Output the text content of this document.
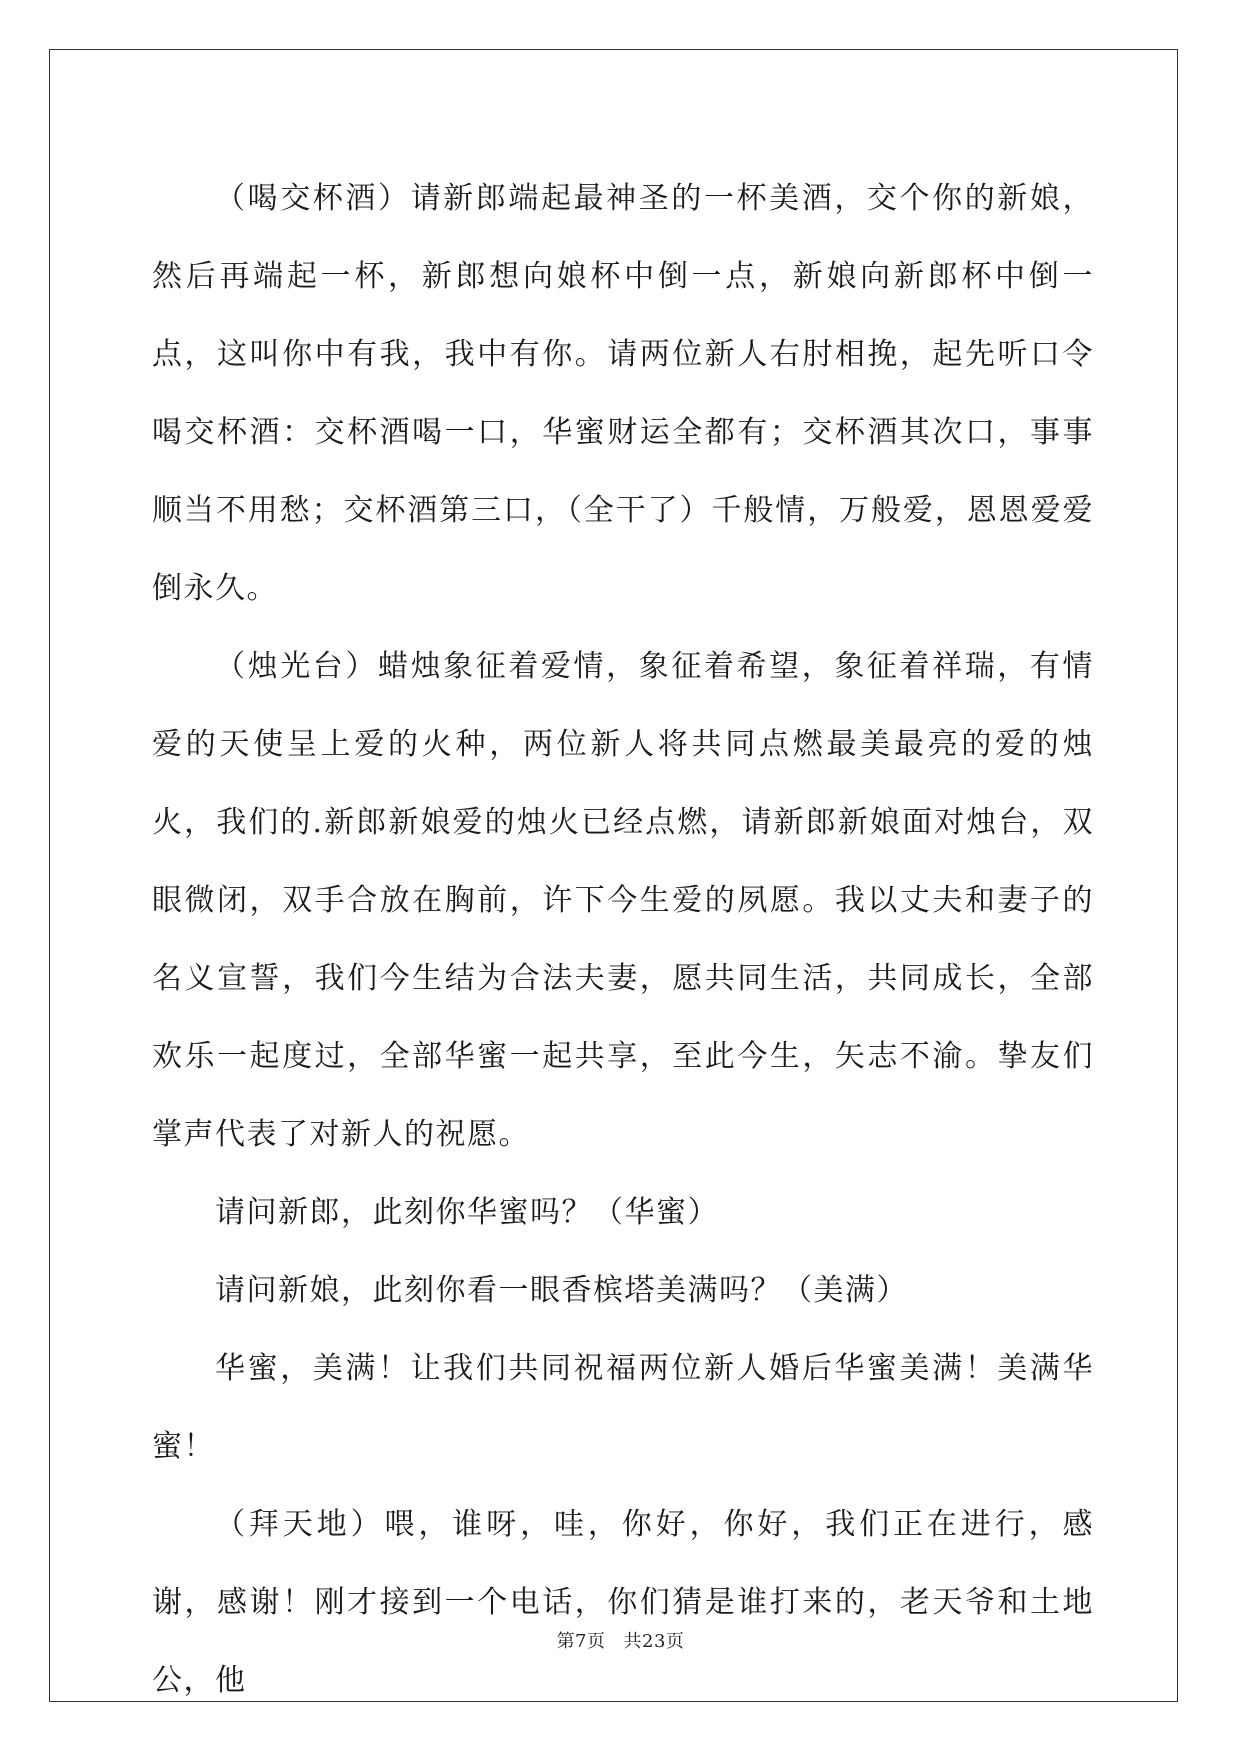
（喝交杯酒）请新郎端起最神圣的一杯美酒，交个你的新娘，然后再端起一杯，新郎想向娘杯中倒一点，新娘向新郎杯中倒一点，这叫你中有我，我中有你。请两位新人右肘相挽，起先听口令喝交杯酒：交杯酒喝一口，华蜜财运全都有；交杯酒其次口，事事顺当不用愁；交杯酒第三口，（全干了）千般情，万般爱，恩恩爱爱倒永久。

（烛光台）蜡烛象征着爱情，象征着希望，象征着祥瑞，有情爱的天使呈上爱的火种，两位新人将共同点燃最美最亮的爱的烛火，我们的.新郎新娘爱的烛火已经点燃，请新郎新娘面对烛台，双眼微闭，双手合放在胸前，许下今生爱的夙愿。我以丈夫和妻子的名义宣誓，我们今生结为合法夫妻，愿共同生活，共同成长，全部欢乐一起度过，全部华蜜一起共享，至此今生，矢志不渝。挚友们掌声代表了对新人的祝愿。

请问新郎，此刻你华蜜吗？（华蜜）

请问新娘，此刻你看一眼香槟塔美满吗？（美满）

华蜜，美满！让我们共同祝福两位新人婚后华蜜美满！美满华蜜！

（拜天地）喂，谁呀，哇，你好，你好，我们正在进行，感谢，感谢！刚才接到一个电话，你们猜是谁打来的，老天爷和土地公，他

第7页 共23页
